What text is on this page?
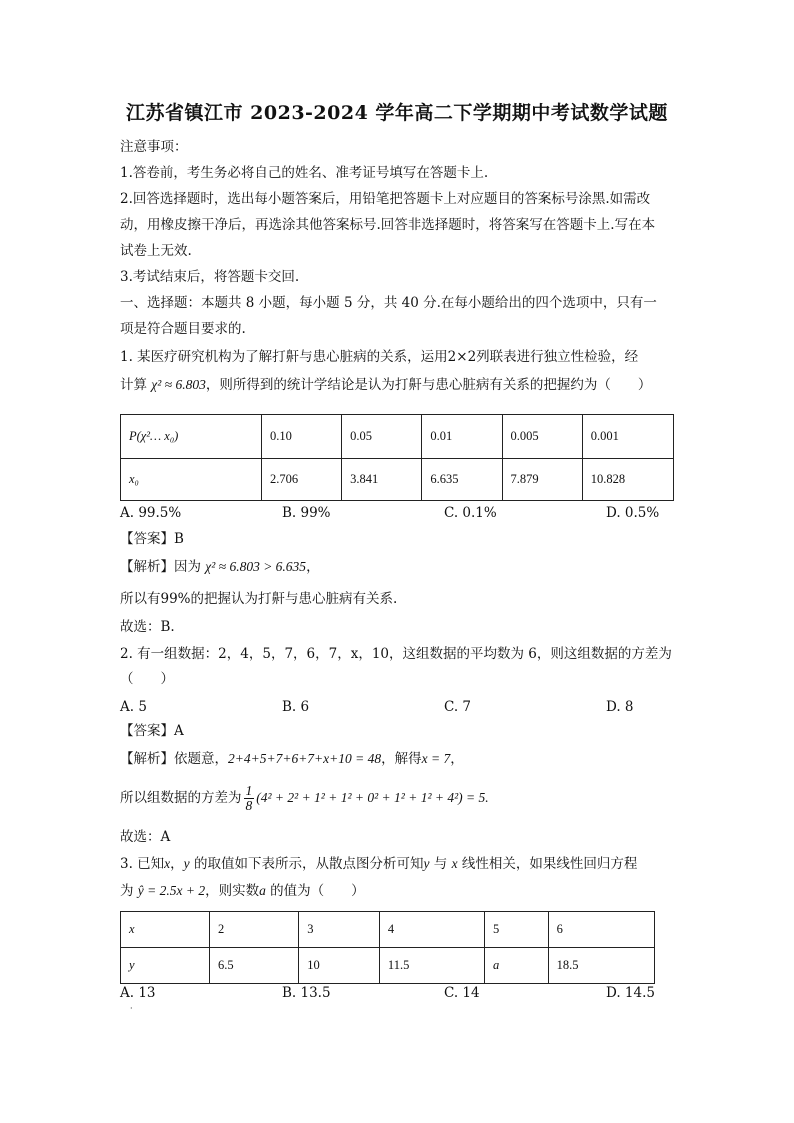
江苏省镇江市 2023-2024 学年高二下学期期中考试数学试题
注意事项：
1.答卷前，考生务必将自己的姓名、准考证号填写在答题卡上.
2.回答选择题时，选出每小题答案后，用铅笔把答题卡上对应题目的答案标号涂黑.如需改
动，用橡皮擦干净后，再选涂其他答案标号.回答非选择题时，将答案写在答题卡上.写在本
试卷上无效.
3.考试结束后，将答题卡交回.
一、选择题：本题共 8 小题，每小题 5 分，共 40 分.在每小题给出的四个选项中，只有一
项是符合题目要求的.
1. 某医疗研究机构为了解打鼾与患心脏病的关系，运用2×2列联表进行独立性检验，经
计算 χ² ≈ 6.803，则所得到的统计学结论是认为打鼾与患心脏病有关系的把握约为（　　）
P(χ²… x₀)	0.10	0.05	0.01	0.005	0.001
x₀	2.706	3.841	6.635	7.879	10.828
A. 99.5%	B. 99%	C. 0.1%	D. 0.5%
【答案】B
【解析】因为 χ² ≈ 6.803 > 6.635，
所以有99%的把握认为打鼾与患心脏病有关系.
故选：B.
2. 有一组数据：2，4，5，7，6，7，x，10，这组数据的平均数为 6，则这组数据的方差为
（　　）
A. 5	B. 6	C. 7	D. 8
【答案】A
【解析】依题意，2+4+5+7+6+7+x+10 = 48，解得x = 7，
所以组数据的方差为 $\frac{1}{8} (4^2 + 2^2 + 1^2 + 1^2 + 0^2 + 1^2 + 1^2 + 4^2) = 5$.
故选：A
3. 已知x，y 的取值如下表所示，从散点图分析可知y 与 x 线性相关，如果线性回归方程
为 ŷ = 2.5x + 2，则实数a 的值为（　　）
x	2	3	4	5	6
y	6.5	10	11.5	a	18.5
A. 13	B. 13.5	C. 14	D. 14.5
·
